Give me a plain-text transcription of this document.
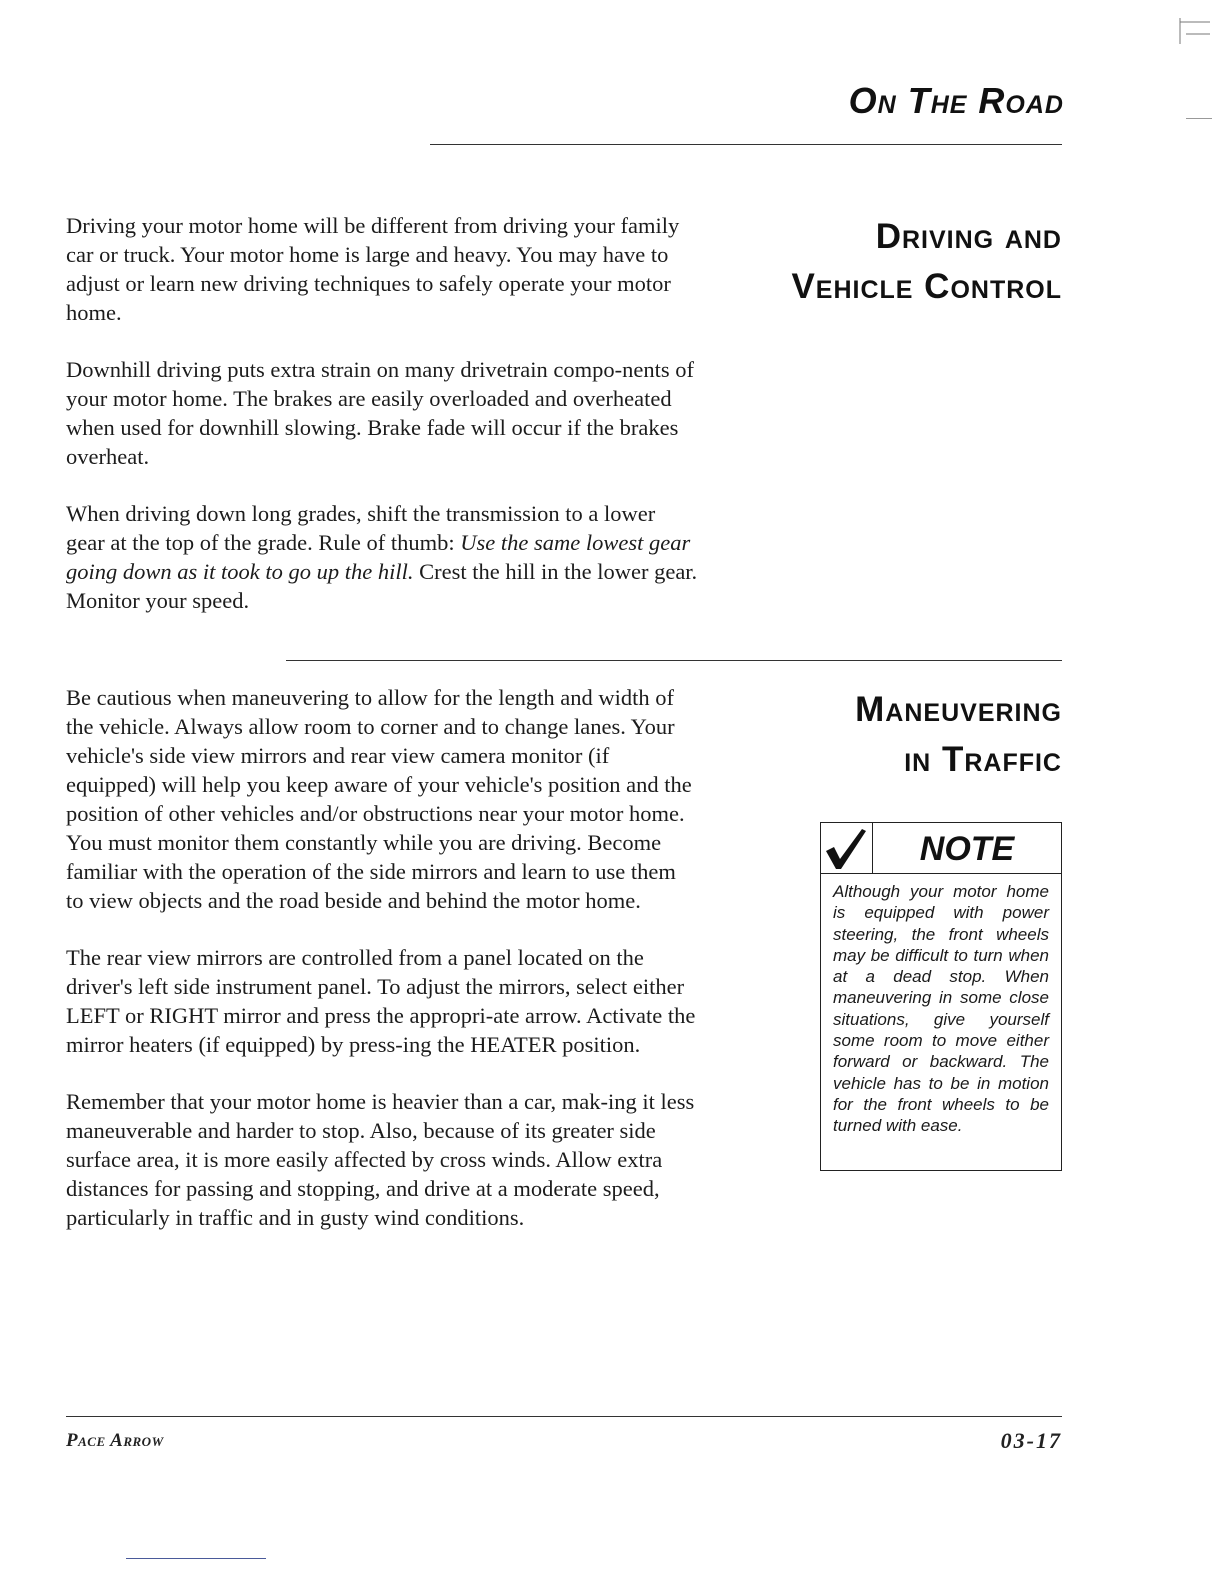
On The Road
Driving and
Vehicle Control

Driving your motor home will be different from driving your family car or truck. Your motor home is large and heavy. You may have to adjust or learn new driving techniques to safely operate your motor home.

Downhill driving puts extra strain on many drivetrain compo-nents of your motor home. The brakes are easily overloaded and overheated when used for downhill slowing. Brake fade will occur if the brakes overheat.

When driving down long grades, shift the transmission to a lower gear at the top of the grade. Rule of thumb: Use the same lowest gear going down as it took to go up the hill. Crest the hill in the lower gear. Monitor your speed.

Maneuvering
in Traffic

Be cautious when maneuvering to allow for the length and width of the vehicle. Always allow room to corner and to change lanes. Your vehicle's side view mirrors and rear view camera monitor (if equipped) will help you keep aware of your vehicle's position and the position of other vehicles and/or obstructions near your motor home. You must monitor them constantly while you are driving. Become familiar with the operation of the side mirrors and learn to use them to view objects and the road beside and behind the motor home.

The rear view mirrors are controlled from a panel located on the driver's left side instrument panel. To adjust the mirrors, select either LEFT or RIGHT mirror and press the appropri-ate arrow. Activate the mirror heaters (if equipped) by press-ing the HEATER position.

Remember that your motor home is heavier than a car, mak-ing it less maneuverable and harder to stop. Also, because of its greater side surface area, it is more easily affected by cross winds. Allow extra distances for passing and stopping, and drive at a moderate speed, particularly in traffic and in gusty wind conditions.

NOTE
Although your motor home is equipped with power steering, the front wheels may be difficult to turn when at a dead stop. When maneuvering in some close situations, give yourself some room to move either forward or backward. The vehicle has to be in motion for the front wheels to be turned with ease.
Pace Arrow	03-17
